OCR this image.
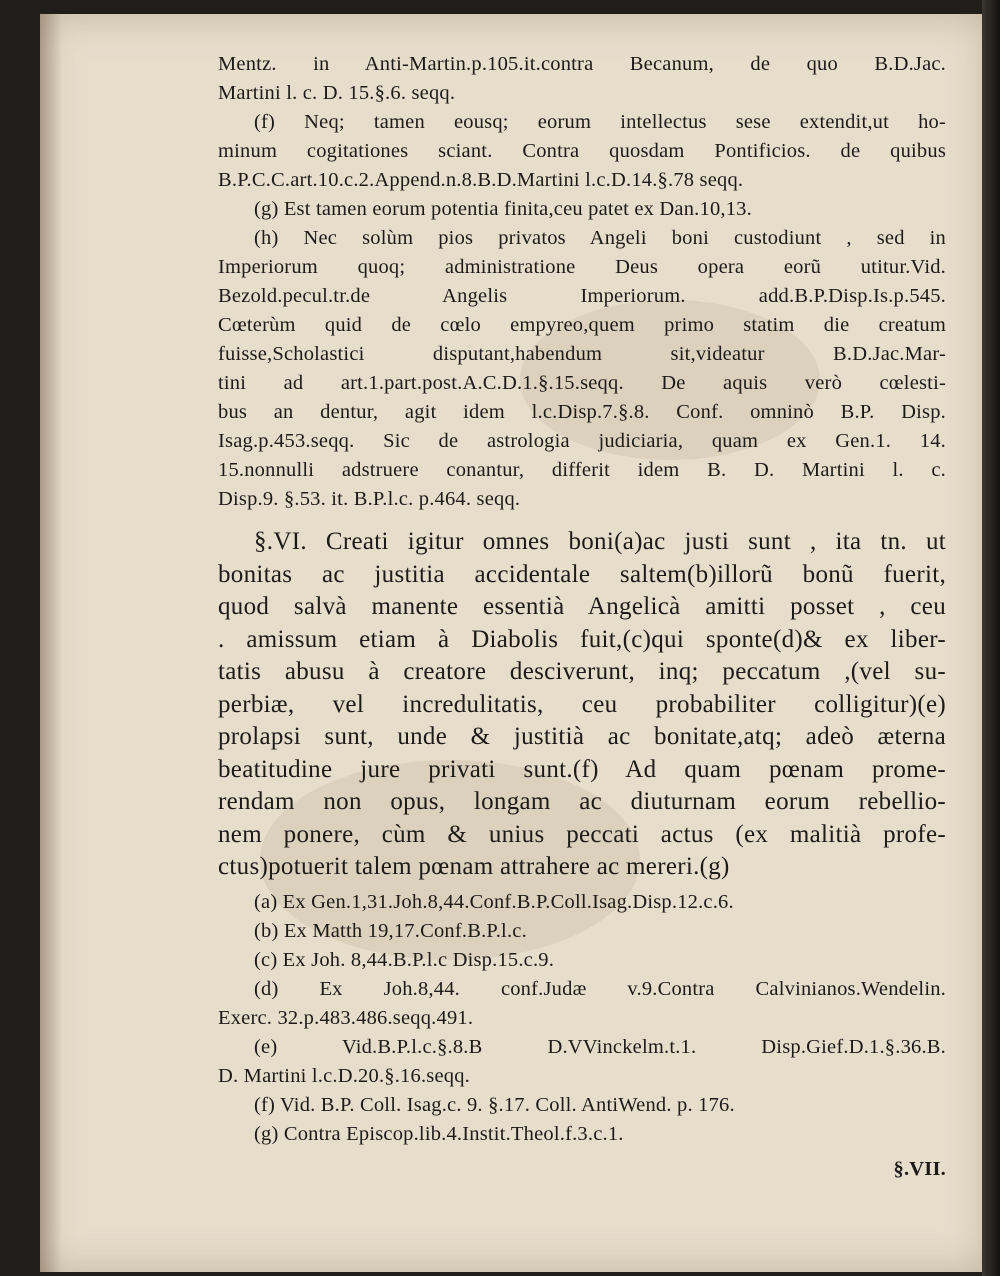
Mentz. in Anti-Martin.p.105.it.contra Becanum, de quo B.D.Jac.
Martini l. c. D. 15.§.6. seqq.
(f) Neq; tamen eousq; eorum intellectus sese extendit,ut ho-
minum cogitationes sciant. Contra quosdam Pontificios. de quibus
B.P.C.C.art.10.c.2.Append.n.8.B.D.Martini l.c.D.14.§.78 seqq.
(g) Est tamen eorum potentia finita,ceu patet ex Dan.10,13.
(h) Nec solùm pios privatos Angeli boni custodiunt , sed in
Imperiorum quoq; administratione Deus opera eorũ utitur.Vid.
Bezold.pecul.tr.de Angelis Imperiorum. add.B.P.Disp.Is.p.545.
Cœterùm quid de cœlo empyreo,quem primo statim die creatum
fuisse,Scholastici disputant,habendum sit,videatur B.D.Jac.Mar-
tini ad art.1.part.post.A.C.D.1.§.15.seqq. De aquis verò cœlesti-
bus an dentur, agit idem l.c.Disp.7.§.8. Conf. omninò B.P. Disp.
Isag.p.453.seqq. Sic de astrologia judiciaria, quam ex Gen.1. 14.
15.nonnulli adstruere conantur, differit idem B. D. Martini l. c.
Disp.9. §.53. it. B.P.l.c. p.464. seqq.
§.VI. Creati igitur omnes boni(a)ac justi sunt , ita tn. ut
bonitas ac justitia accidentale saltem(b)illorũ bonũ fuerit,
quod salvà manente essentià Angelicà amitti posset , ceu
. amissum etiam à Diabolis fuit,(c)qui sponte(d)& ex liber-
tatis abusu à creatore desciverunt, inq; peccatum ,(vel su-
perbiæ, vel incredulitatis, ceu probabiliter colligitur)(e)
prolapsi sunt, unde & justitià ac bonitate,atq; adeò æterna
beatitudine jure privati sunt.(f) Ad quam pœnam prome-
rendam non opus, longam ac diuturnam eorum rebellio-
nem ponere, cùm & unius peccati actus (ex malitià profe-
ctus)potuerit talem pœnam attrahere ac mereri.(g)
(a) Ex Gen.1,31.Joh.8,44.Conf.B.P.Coll.Isag.Disp.12.c.6.
(b) Ex Matth 19,17.Conf.B.P.l.c.
(c) Ex Joh. 8,44.B.P.l.c Disp.15.c.9.
(d) Ex Joh.8,44. conf.Judæ v.9.Contra Calvinianos.Wendelin.
Exerc. 32.p.483.486.seqq.491.
(e) Vid.B.P.l.c.§.8.B D.VVinckelm.t.1. Disp.Gief.D.1.§.36.B.
D. Martini l.c.D.20.§.16.seqq.
(f) Vid. B.P. Coll. Isag.c. 9. §.17. Coll. AntiWend. p. 176.
(g) Contra Episcop.lib.4.Instit.Theol.f.3.c.1.
§.VII.
